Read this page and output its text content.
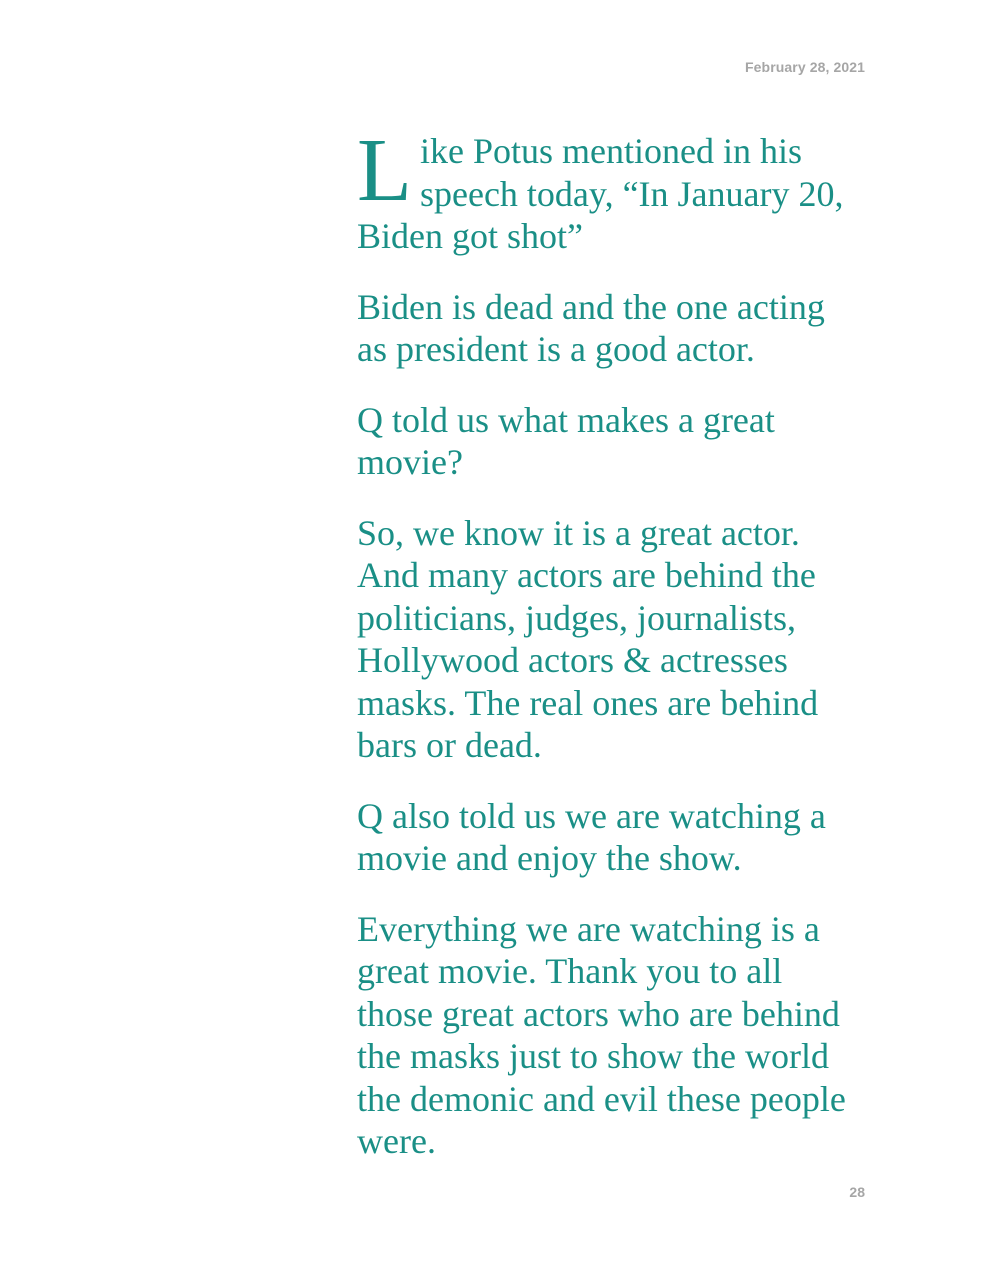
February 28, 2021

Like Potus mentioned in his speech today, “In January 20, Biden got shot”

Biden is dead and the one acting as president is a good actor.

Q told us what makes a great movie?

So, we know it is a great actor. And many actors are behind the politicians, judges, journalists, Hollywood actors & actresses masks. The real ones are behind bars or dead.

Q also told us we are watching a movie and enjoy the show.

Everything we are watching is a great movie. Thank you to all those great actors who are behind the masks just to show the world the demonic and evil these people were.

28
